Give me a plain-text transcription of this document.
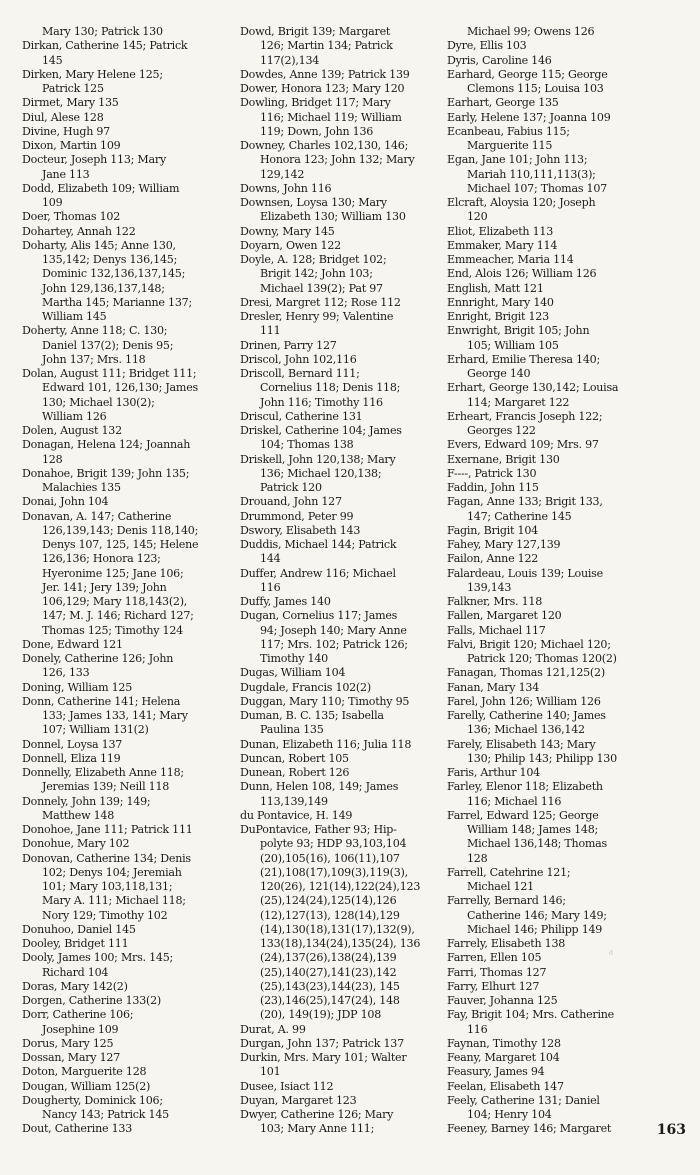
Mary 130; Patrick 130
Dirkan, Catherine 145; Patrick
145
Dirken, Mary Helene 125;
Patrick 125
Dirmet, Mary 135
Diul, Alese 128
Divine, Hugh 97
Dixon, Martin 109
Docteur, Joseph 113; Mary
Jane 113
Dodd, Elizabeth 109; William
109
Doer, Thomas 102
Dohartey, Annah 122
Doharty, Alis 145; Anne 130,
135,142; Denys 136,145;
Dominic 132,136,137,145;
John 129,136,137,148;
Martha 145; Marianne 137;
William 145
Doherty, Anne 118; C. 130;
Daniel 137(2); Denis 95;
John 137; Mrs. 118
Dolan, August 111; Bridget 111;
Edward 101, 126,130; James
130; Michael 130(2);
William 126
Dolen, August 132
Donagan, Helena 124; Joannah
128
Donahoe, Brigit 139; John 135;
Malachies 135
Donai, John 104
Donavan, A. 147; Catherine
126,139,143; Denis 118,140;
Denys 107, 125, 145; Helene
126,136; Honora 123;
Hyeronime 125; Jane 106;
Jer. 141; Jery 139; John
106,129; Mary 118,143(2),
147; M. J. 146; Richard 127;
Thomas 125; Timothy 124
Done, Edward 121
Donely, Catherine 126; John
126, 133
Doning, William 125
Donn, Catherine 141; Helena
133; James 133, 141; Mary
107; William 131(2)
Donnel, Loysa 137
Donnell, Eliza 119
Donnelly, Elizabeth Anne 118;
Jeremias 139; Neill 118
Donnely, John 139; 149;
Matthew 148
Donohoe, Jane 111; Patrick 111
Donohue, Mary 102
Donovan, Catherine 134; Denis
102; Denys 104; Jeremiah
101; Mary 103,118,131;
Mary A. 111; Michael 118;
Nory 129; Timothy 102
Donuhoo, Daniel 145
Dooley, Bridget 111
Dooly, James 100; Mrs. 145;
Richard 104
Doras, Mary 142(2)
Dorgen, Catherine 133(2)
Dorr, Catherine 106;
Josephine 109
Dorus, Mary 125
Dossan, Mary 127
Doton, Marguerite 128
Dougan, William 125(2)
Dougherty, Dominick 106;
Nancy 143; Patrick 145
Dout, Catherine 133
Dowd, Brigit 139; Margaret
126; Martin 134; Patrick
117(2),134
Dowdes, Anne 139; Patrick 139
Dower, Honora 123; Mary 120
Dowling, Bridget 117; Mary
116; Michael 119; William
119; Down, John 136
Downey, Charles 102,130, 146;
Honora 123; John 132; Mary
129,142
Downs, John 116
Downsen, Loysa 130; Mary
Elizabeth 130; William 130
Downy, Mary 145
Doyarn, Owen 122
Doyle, A. 128; Bridget 102;
Brigit 142; John 103;
Michael 139(2); Pat 97
Dresi, Margret 112; Rose 112
Dresler, Henry 99; Valentine
111
Drinen, Parry 127
Driscol, John 102,116
Driscoll, Bernard 111;
Cornelius 118; Denis 118;
John 116; Timothy 116
Driscul, Catherine 131
Driskel, Catherine 104; James
104; Thomas 138
Driskell, John 120,138; Mary
136; Michael 120,138;
Patrick 120
Drouand, John 127
Drummond, Peter 99
Dswory, Elisabeth 143
Duddis, Michael 144; Patrick
144
Duffer, Andrew 116; Michael
116
Duffy, James 140
Dugan, Cornelius 117; James
94; Joseph 140; Mary Anne
117; Mrs. 102; Patrick 126;
Timothy 140
Dugas, William 104
Dugdale, Francis 102(2)
Duggan, Mary 110; Timothy 95
Duman, B. C. 135; Isabella
Paulina 135
Dunan, Elizabeth 116; Julia 118
Duncan, Robert 105
Dunean, Robert 126
Dunn, Helen 108, 149; James
113,139,149
du Pontavice, H. 149
DuPontavice, Father 93; Hip-
polyte 93; HDP 93,103,104
(20),105(16), 106(11),107
(21),108(17),109(3),119(3),
120(26), 121(14),122(24),123
(25),124(24),125(14),126
(12),127(13), 128(14),129
(14),130(18),131(17),132(9),
133(18),134(24),135(24), 136
(24),137(26),138(24),139
(25),140(27),141(23),142
(25),143(23),144(23), 145
(23),146(25),147(24), 148
(20), 149(19); JDP 108
Durat, A. 99
Durgan, John 137; Patrick 137
Durkin, Mrs. Mary 101; Walter
101
Dusee, Isiact 112
Duyan, Margaret 123
Dwyer, Catherine 126; Mary
103; Mary Anne 111;
Michael 99; Owens 126
Dyre, Ellis 103
Dyris, Caroline 146
Earhard, George 115; George
Clemons 115; Louisa 103
Earhart, George 135
Early, Helene 137; Joanna 109
Ecanbeau, Fabius 115;
Marguerite 115
Egan, Jane 101; John 113;
Mariah 110,111,113(3);
Michael 107; Thomas 107
Elcraft, Aloysia 120; Joseph
120
Eliot, Elizabeth 113
Emmaker, Mary 114
Emmeacher, Maria 114
End, Alois 126; William 126
English, Matt 121
Ennright, Mary 140
Enright, Brigit 123
Enwright, Brigit 105; John
105; William 105
Erhard, Emilie Theresa 140;
George 140
Erhart, George 130,142; Louisa
114; Margaret 122
Erheart, Francis Joseph 122;
Georges 122
Evers, Edward 109; Mrs. 97
Exernane, Brigit 130
F----, Patrick 130
Faddin, John 115
Fagan, Anne 133; Brigit 133,
147; Catherine 145
Fagin, Brigit 104
Fahey, Mary 127,139
Failon, Anne 122
Falardeau, Louis 139; Louise
139,143
Falkner, Mrs. 118
Fallen, Margaret 120
Falls, Michael 117
Falvi, Brigit 120; Michael 120;
Patrick 120; Thomas 120(2)
Fanagan, Thomas 121,125(2)
Fanan, Mary 134
Farel, John 126; William 126
Farelly, Catherine 140; James
136; Michael 136,142
Farely, Elisabeth 143; Mary
130; Philip 143; Philipp 130
Faris, Arthur 104
Farley, Elenor 118; Elizabeth
116; Michael 116
Farrel, Edward 125; George
William 148; James 148;
Michael 136,148; Thomas
128
Farrell, Catehrine 121;
Michael 121
Farrelly, Bernard 146;
Catherine 146; Mary 149;
Michael 146; Philipp 149
Farrely, Elisabeth 138
Farren, Ellen 105
Farri, Thomas 127
Farry, Elhurt 127
Fauver, Johanna 125
Fay, Brigit 104; Mrs. Catherine
116
Faynan, Timothy 128
Feany, Margaret 104
Feasury, James 94
Feelan, Elisabeth 147
Feely, Catherine 131; Daniel
104; Henry 104
Feeney, Barney 146; Margaret	163
ᵈ
